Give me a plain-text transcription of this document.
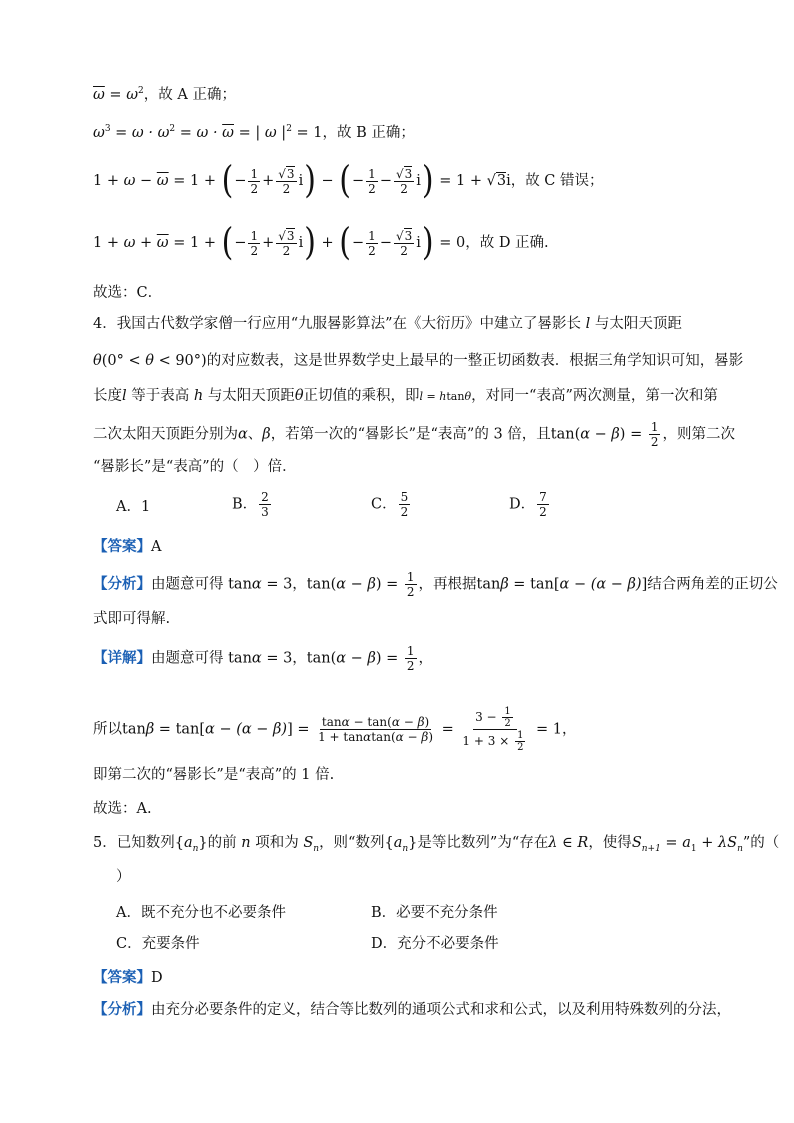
$\overline{\omega} = \omega^2$，故 A 正确；
$\omega^3 = \omega \cdot \omega^2 = \omega \cdot \overline{\omega}$ = | ω $|^2 = 1$，故 B 正确；
$1 + \omega - \overline{\omega} = 1$ + (− $\frac{1}{2} + \frac{√3}{2} i$) − (− $\frac{1}{2} - \frac{√3}{2} i) = 1 + √3i$，故 C 错误；
$1 + \omega + \overline{\omega} = 1$ + (− $\frac{1}{2} + \frac{√3}{2} i$) + (− $\frac{1}{2} - \frac{√3}{2} i) = 0$，故 D 正确.
故选：C．
4．我国古代数学家僧一行应用“九服晷影算法”在《大衍历》中建立了晷影长 l 与太阳天顶距
θ(0° < θ < 90°)的对应数表，这是世界数学史上最早的一整正切函数表．根据三角学知识可知，晷影
长度l 等于表高 h 与太阳天顶距θ正切值的乘积，即l = htanθ，对同一“表高”两次测量，第一次和第
二次太阳天顶距分别为α、β，若第一次的“晷影长”是“表高”的 3 倍，且$\tan(\alpha - \beta) = \frac{1}{2}$ ，则第二次
“晷影长”是“表高”的（　）倍．
A．1	B． $\frac{2}{3}$	C． $\frac{5}{2}$	D． $\frac{7}{2}$
【答案】A
【分析】由题意可得 tanα = 3，$\tan(\alpha - \beta) = \frac{1}{2}$ ，再根据tanβ = tan[α − (α − β)]结合两角差的正切公
式即可得解.
【详解】由题意可得 tanα = 3，$\tan(\alpha - \beta) = \frac{1}{2}$ ，
所以$\tan\beta = \tan[\alpha - (\alpha - \beta)] = \frac{\tan\alpha - \tan(\alpha - \beta)}{1 + \tan\alpha\tan(\alpha - \beta)} = \frac{3 - \frac{1}{2}}{1 + 3 \times \frac{1}{2}} = 1$，
即第二次的“晷影长”是“表高”的 1 倍.
故选：A.
5．已知数列$\{a_n\}$的前 n 项和为 $S_n$，则“数列$\{a_n\}$是等比数列”为“存在λ ∈ R，使得$S_{n+1} = a_1 + \lambda S_n$”的（
）
A．既不充分也不必要条件	B．必要不充分条件
C．充要条件	D．充分不必要条件
【答案】D
【分析】由充分必要条件的定义，结合等比数列的通项公式和求和公式，以及利用特殊数列的分法，
